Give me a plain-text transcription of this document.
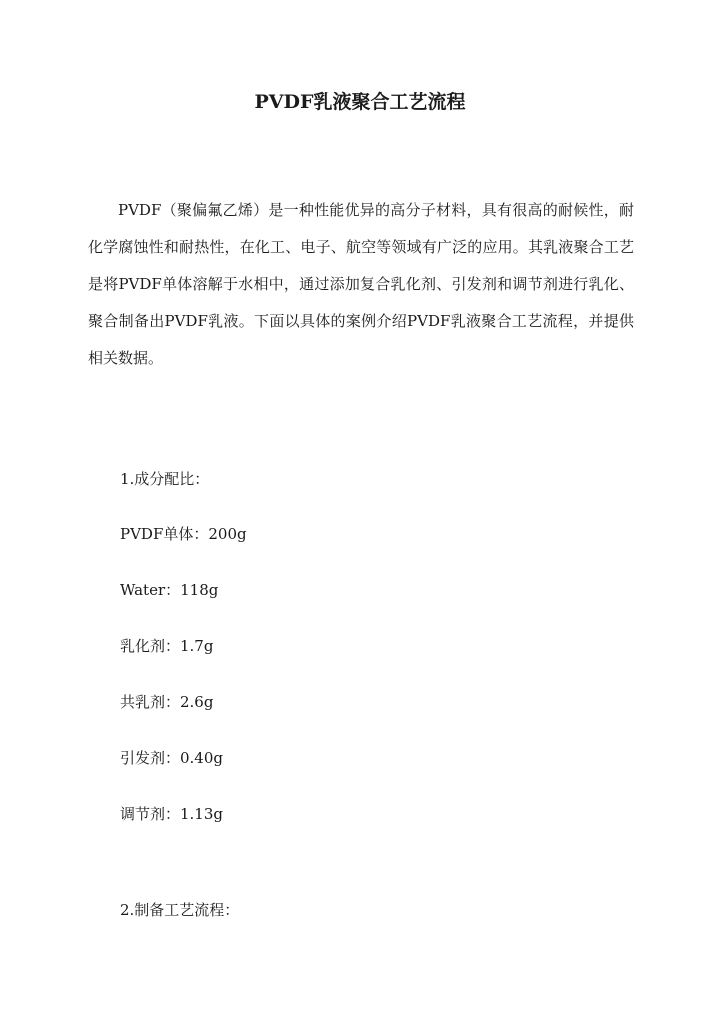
PVDF乳液聚合工艺流程

PVDF（聚偏氟乙烯）是一种性能优异的高分子材料，具有很高的耐候性，耐化学腐蚀性和耐热性，在化工、电子、航空等领域有广泛的应用。其乳液聚合工艺是将PVDF单体溶解于水相中，通过添加复合乳化剂、引发剂和调节剂进行乳化、聚合制备出PVDF乳液。下面以具体的案例介绍PVDF乳液聚合工艺流程，并提供相关数据。

1.成分配比：

PVDF单体：200g

Water：118g

乳化剂：1.7g

共乳剂：2.6g

引发剂：0.40g

调节剂：1.13g

2.制备工艺流程：
